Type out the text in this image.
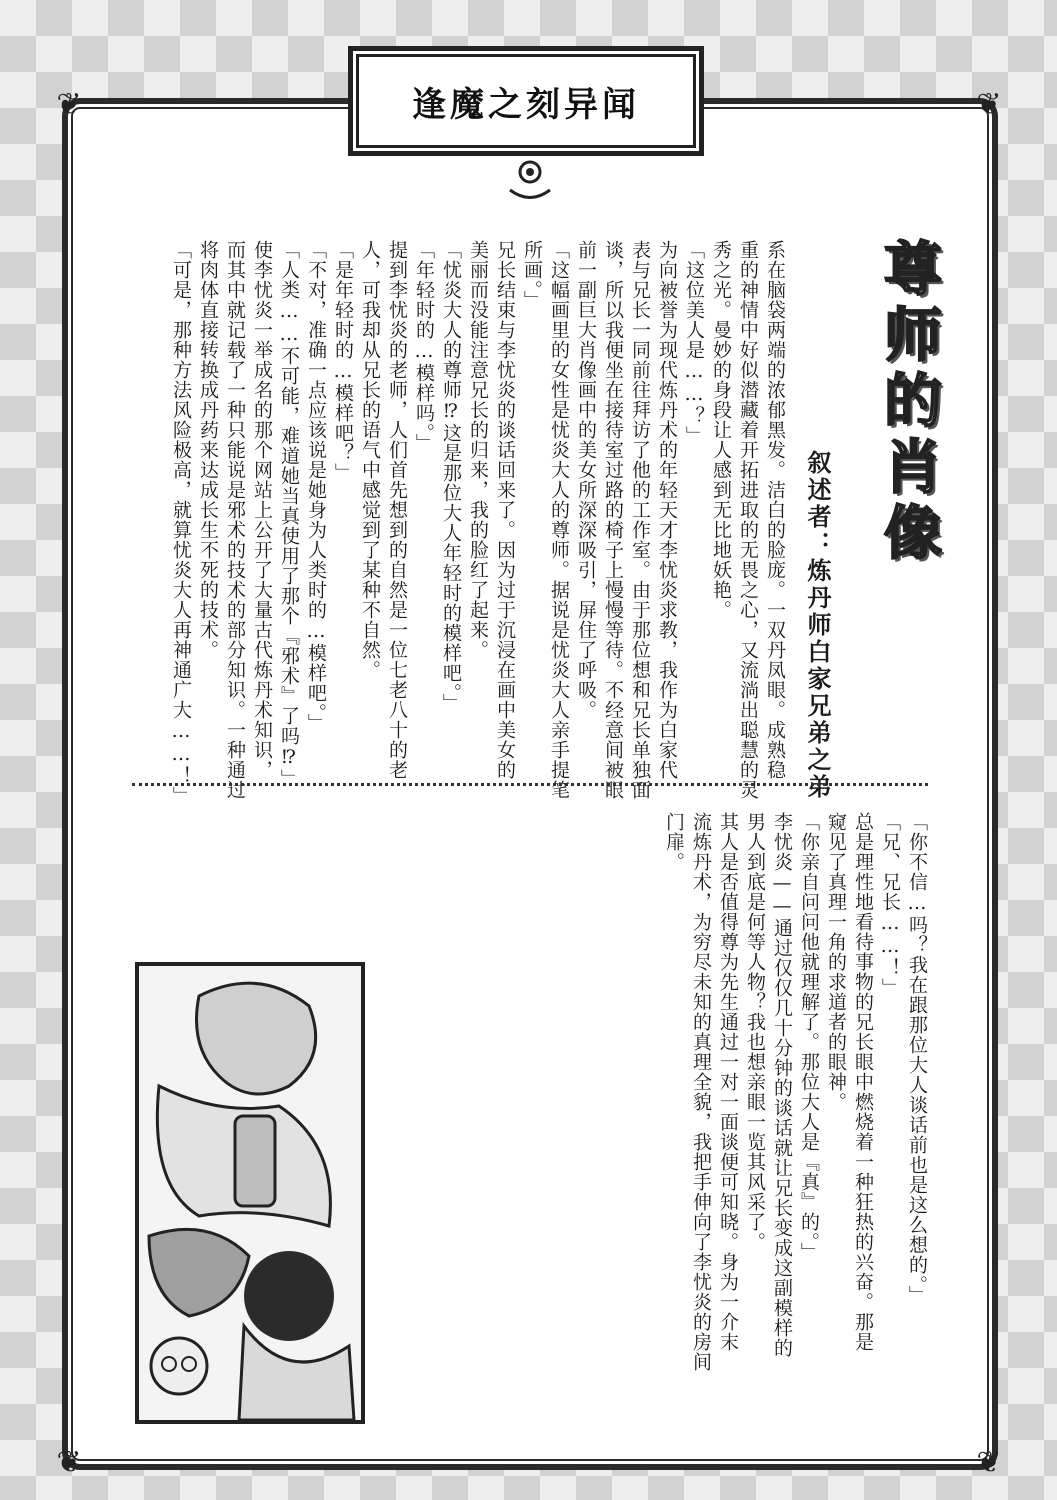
❦	❦
❦	❦
逢魔之刻异闻
尊师的肖像
叙述者：炼丹师白家兄弟之弟
系在脑袋两端的浓郁黑发。洁白的脸庞。一双丹凤眼。成熟稳
重的神情中好似潜藏着开拓进取的无畏之心，又流淌出聪慧的灵
秀之光。曼妙的身段让人感到无比地妖艳。
「这位美人是……？」
为向被誉为现代炼丹术的年轻天才李忧炎求教，我作为白家代
表与兄长一同前往拜访了他的工作室。由于那位想和兄长单独面
谈，所以我便坐在接待室过路的椅子上慢慢等待。不经意间被眼
前一副巨大肖像画中的美女所深深吸引，屏住了呼吸。
「这幅画里的女性是忧炎大人的尊师。据说是忧炎大人亲手提笔
所画。」
兄长结束与李忧炎的谈话回来了。因为过于沉浸在画中美女的
美丽而没能注意兄长的归来，我的脸红了起来。
「忧炎大人的尊师⁉这是那位大人年轻时的模样吧。」
「年轻时的…模样吗。」
提到李忧炎的老师，人们首先想到的自然是一位七老八十的老
人，可我却从兄长的语气中感觉到了某种不自然。
「是年轻时的…模样吧？」
「不对，准确一点应该说是她身为人类时的…模样吧。」
「人类……不可能，难道她当真使用了那个『邪术』了吗⁉」
使李忧炎一举成名的那个网站上公开了大量古代炼丹术知识，
而其中就记载了一种只能说是邪术的技术的部分知识。一种通过
将肉体直接转换成丹药来达成长生不死的技术。
「可是，那种方法风险极高，就算忧炎大人再神通广大……！」
「你不信…吗？我在跟那位大人谈话前也是这么想的。」
「兄、兄长……！」
总是理性地看待事物的兄长眼中燃烧着一种狂热的兴奋。那是
窥见了真理一角的求道者的眼神。
「你亲自问问他就理解了。那位大人是『真』的。」
李忧炎——通过仅仅几十分钟的谈话就让兄长变成这副模样的
男人到底是何等人物？我也想亲眼一览其风采了。
其人是否值得尊为先生通过一对一面谈便可知晓。身为一介末
流炼丹术，为穷尽未知的真理全貌，我把手伸向了李忧炎的房间
门扉。
